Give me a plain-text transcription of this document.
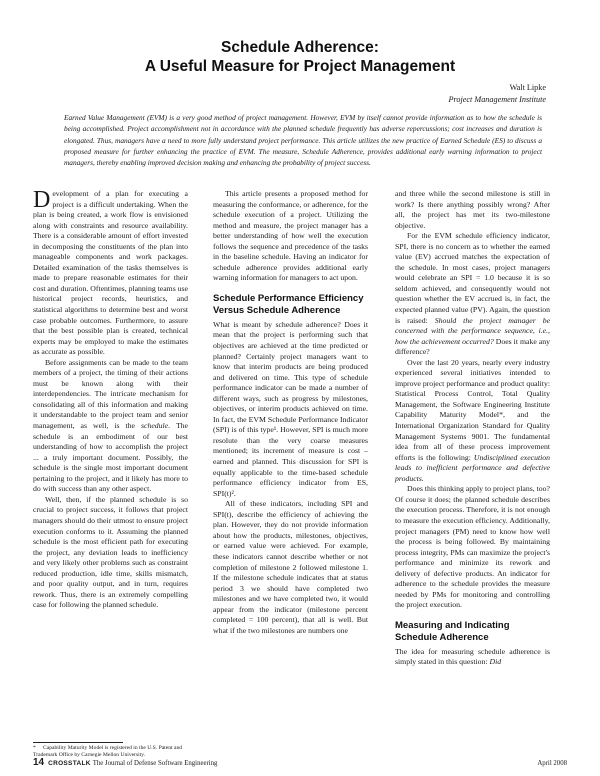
Schedule Adherence:
A Useful Measure for Project Management
Walt Lipke
Project Management Institute

Earned Value Management (EVM) is a very good method of project management. However, EVM by itself cannot provide information as to how the schedule is being accomplished. Project accomplishment not in accordance with the planned schedule frequently has adverse repercussions; cost increases and duration is elongated. Thus, managers have a need to more fully understand project performance. This article utilizes the new practice of Earned Schedule (ES) to discuss a proposed measure for further enhancing the practice of EVM. The measure, Schedule Adherence, provides additional early warning information to project managers, thereby enabling improved decision making and enhancing the probability of project success.

Development of a plan for executing a project is a difficult undertaking. When the plan is being created, a work flow is envisioned along with constraints and resource availability. There is a considerable amount of effort invested in decomposing the constituents of the plan into manageable components and work packages. Detailed examination of the tasks themselves is made to prepare reasonable estimates for their cost and duration. Oftentimes, planning teams use historical project records, heuristics, and statistical algorithms to determine best and worst case probable outcomes. Furthermore, to assure that the best possible plan is created, technical experts may be employed to make the estimates as accurate as possible.

Before assignments can be made to the team members of a project, the timing of their actions must be known along with their interdependencies. The intricate mechanism for consolidating all of this information and making it understandable to the project team and senior management, as well, is the schedule. The schedule is an embodiment of our best understanding of how to accomplish the project ... a truly important document. Possibly, the schedule is the single most important document pertaining to the project, and it likely has more to do with success than any other aspect.

Well, then, if the planned schedule is so crucial to project success, it follows that project managers should do their utmost to ensure project execution conforms to it. Assuming the planned schedule is the most efficient path for executing the project, any deviation leads to inefficiency and very likely other problems such as constraint reduced production, idle time, skills mismatch, and poor quality output, and in turn, requires rework. Thus, there is an extremely compelling case for following the planned schedule.

This article presents a proposed method for measuring the conformance, or adherence, for the schedule execution of a project. Utilizing the method and measure, the project manager has a better understanding of how well the execution follows the sequence and precedence of the tasks in the baseline schedule. Having an indicator for schedule adherence provides additional early warning information for managers to act upon.

Schedule Performance Efficiency Versus Schedule Adherence

What is meant by schedule adherence? Does it mean that the project is performing such that objectives are achieved at the time predicted or planned? Certainly project managers want to know that interim products are being produced and delivered on time. This type of schedule performance indicator can be made a number of different ways, such as progress by milestones, objectives, or interim products achieved on time. In fact, the EVM Schedule Performance Indicator (SPI) is of this type¹. However, SPI is much more resolute than the very coarse measures mentioned; its increment of measure is cost – earned and planned. This discussion for SPI is equally applicable to the time-based schedule performance efficiency indicator from ES, SPI(t)².

All of these indicators, including SPI and SPI(t), describe the efficiency of achieving the plan. However, they do not provide information about how the products, milestones, objectives, or earned value were achieved. For example, these indicators cannot describe whether or not completion of milestone 2 followed milestone 1. If the milestone schedule indicates that at status period 3 we should have completed two milestones and we have completed two, it would appear from the indicator (milestone percent completed = 100 percent), that all is well. But what if the two milestones are numbers one

and three while the second milestone is still in work? Is there anything possibly wrong? After all, the project has met its two-milestone objective.

For the EVM schedule efficiency indicator, SPI, there is no concern as to whether the earned value (EV) accrued matches the expectation of the schedule. In most cases, project managers would celebrate an SPI = 1.0 because it is so seldom achieved, and consequently would not question whether the EV accrued is, in fact, the expected planned value (PV). Again, the question is raised: Should the project manager be concerned with the performance sequence, i.e., how the achievement occurred? Does it make any difference?

Over the last 20 years, nearly every industry experienced several initiatives intended to improve project performance and product quality: Statistical Process Control, Total Quality Management, the Software Engineering Institute Capability Maturity Model*, and the International Organization Standard for Quality Management Systems 9001. The fundamental idea from all of these process improvement efforts is the following: Undisciplined execution leads to inefficient performance and defective products.

Does this thinking apply to project plans, too? Of course it does; the planned schedule describes the execution process. Therefore, it is not enough to measure the execution efficiency. Additionally, project managers (PM) need to know how well the process is being followed. By maintaining process integrity, PMs can maximize the project's performance and minimize its rework and delivery of defective products. An indicator for adherence to the schedule provides the measure needed by PMs for monitoring and controlling the project execution.

Measuring and Indicating Schedule Adherence

The idea for measuring schedule adherence is simply stated in this question: Did

* Capability Maturity Model is registered in the U.S. Patent and Trademark Office by Carnegie Mellon University.
14 CROSSTALK The Journal of Defense Software Engineering	April 2008
